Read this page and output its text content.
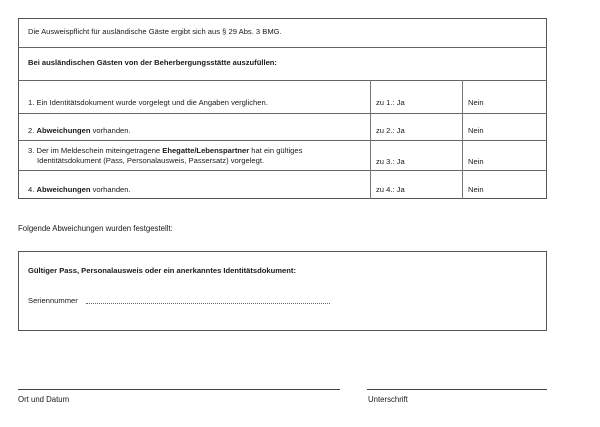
Die Ausweispflicht für ausländische Gäste ergibt sich aus § 29 Abs. 3 BMG.
Bei ausländischen Gästen von der Beherbergungsstätte auszufüllen:
1. Ein Identitätsdokument wurde vorgelegt und die Angaben verglichen.	zu 1.: Ja	Nein
2. Abweichungen vorhanden.	zu 2.: Ja	Nein
3. Der im Meldeschein miteingetragene Ehegatte/Lebenspartner hat ein gültiges
Identitätsdokument (Pass, Personalausweis, Passersatz) vorgelegt.	zu 3.: Ja	Nein
4. Abweichungen vorhanden.	zu 4.: Ja	Nein
Folgende Abweichungen wurden festgestellt:
Gültiger Pass, Personalausweis oder ein anerkanntes Identitätsdokument:
Seriennummer
Ort und Datum	Unterschrift
